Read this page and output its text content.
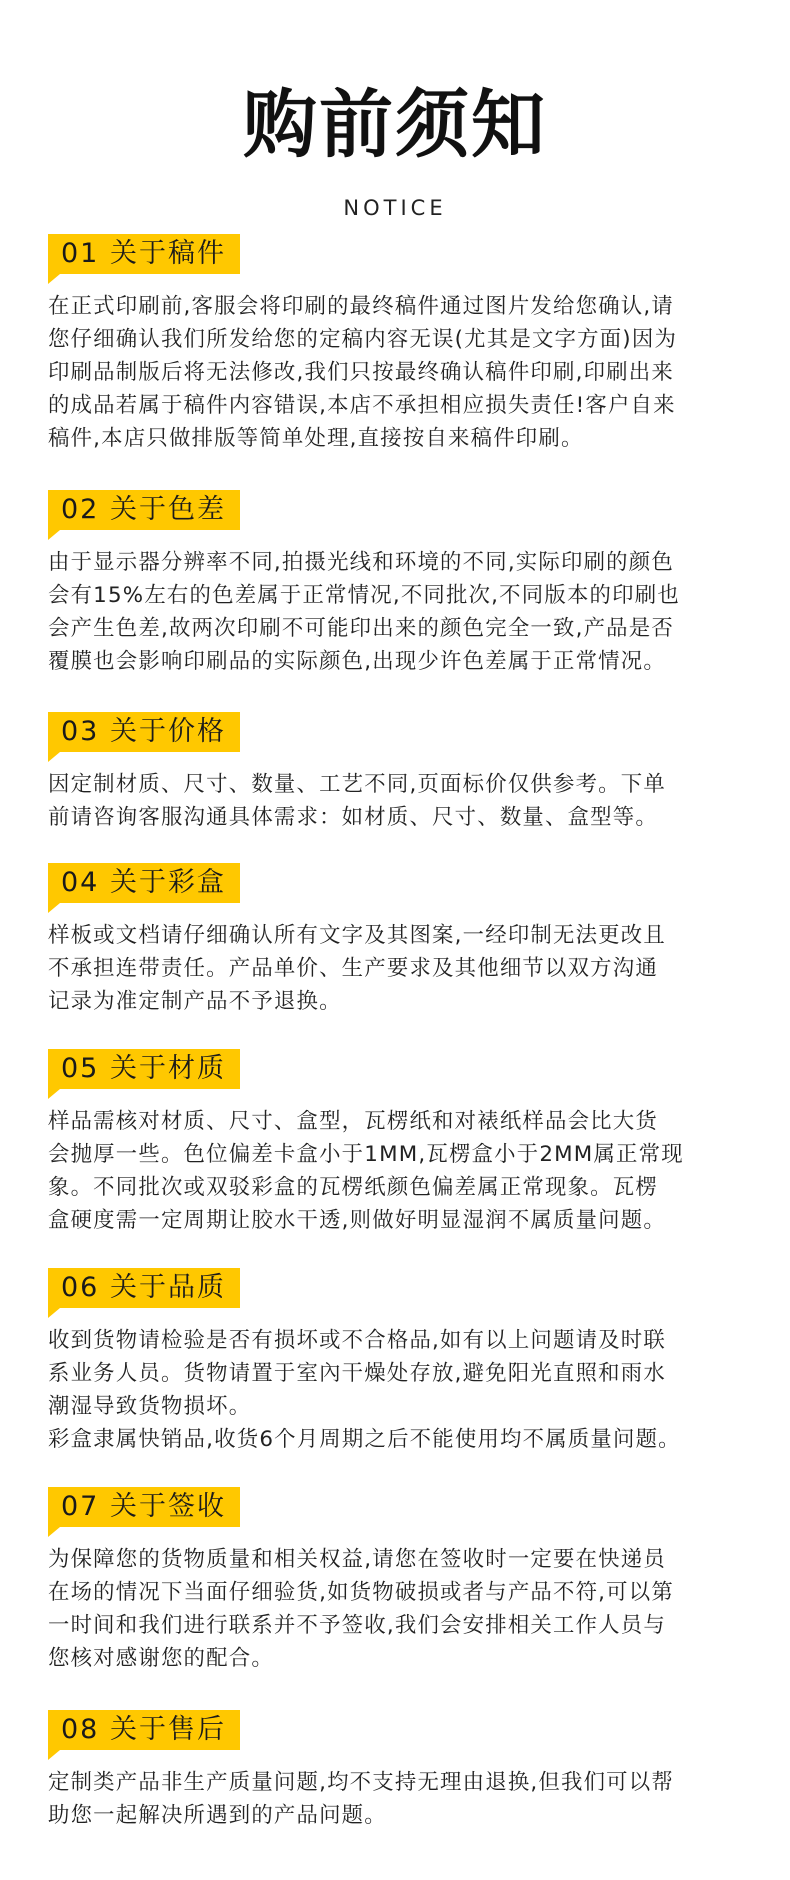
购前须知
NOTICE
01 关于稿件

在正式印刷前,客服会将印刷的最终稿件通过图片发给您确认,请

您仔细确认我们所发给您的定稿内容无误(尤其是文字方面)因为

印刷品制版后将无法修改,我们只按最终确认稿件印刷,印刷出来

的成品若属于稿件内容错误,本店不承担相应损失责任!客户自来

稿件,本店只做排版等简单处理,直接按自来稿件印刷。

02 关于色差

由于显示器分辨率不同,拍摄光线和环境的不同,实际印刷的颜色

会有15%左右的色差属于正常情况,不同批次,不同版本的印刷也

会产生色差,故两次印刷不可能印出来的颜色完全一致,产品是否

覆膜也会影响印刷品的实际颜色,出现少许色差属于正常情况。

03 关于价格

因定制材质、尺寸、数量、工艺不同,页面标价仅供参考。下单

前请咨询客服沟通具体需求：如材质、尺寸、数量、盒型等。

04 关于彩盒

样板或文档请仔细确认所有文字及其图案,一经印制无法更改且

不承担连带责任。产品单价、生产要求及其他细节以双方沟通

记录为准定制产品不予退换。

05 关于材质

样品需核对材质、尺寸、盒型，瓦楞纸和对裱纸样品会比大货

会抛厚一些。色位偏差卡盒小于1MM,瓦楞盒小于2MM属正常现

象。不同批次或双驳彩盒的瓦楞纸颜色偏差属正常现象。瓦楞

盒硬度需一定周期让胶水干透,则做好明显湿润不属质量问题。

06 关于品质

收到货物请检验是否有损坏或不合格品,如有以上问题请及时联

系业务人员。货物请置于室內干燥处存放,避免阳光直照和雨水

潮湿导致货物损坏。

彩盒隶属快销品,收货6个月周期之后不能使用均不属质量问题。

07 关于签收

为保障您的货物质量和相关权益,请您在签收时一定要在快递员

在场的情况下当面仔细验货,如货物破损或者与产品不符,可以第

一时间和我们进行联系并不予签收,我们会安排相关工作人员与

您核对感谢您的配合。

08 关于售后

定制类产品非生产质量问题,均不支持无理由退换,但我们可以帮

助您一起解决所遇到的产品问题。
